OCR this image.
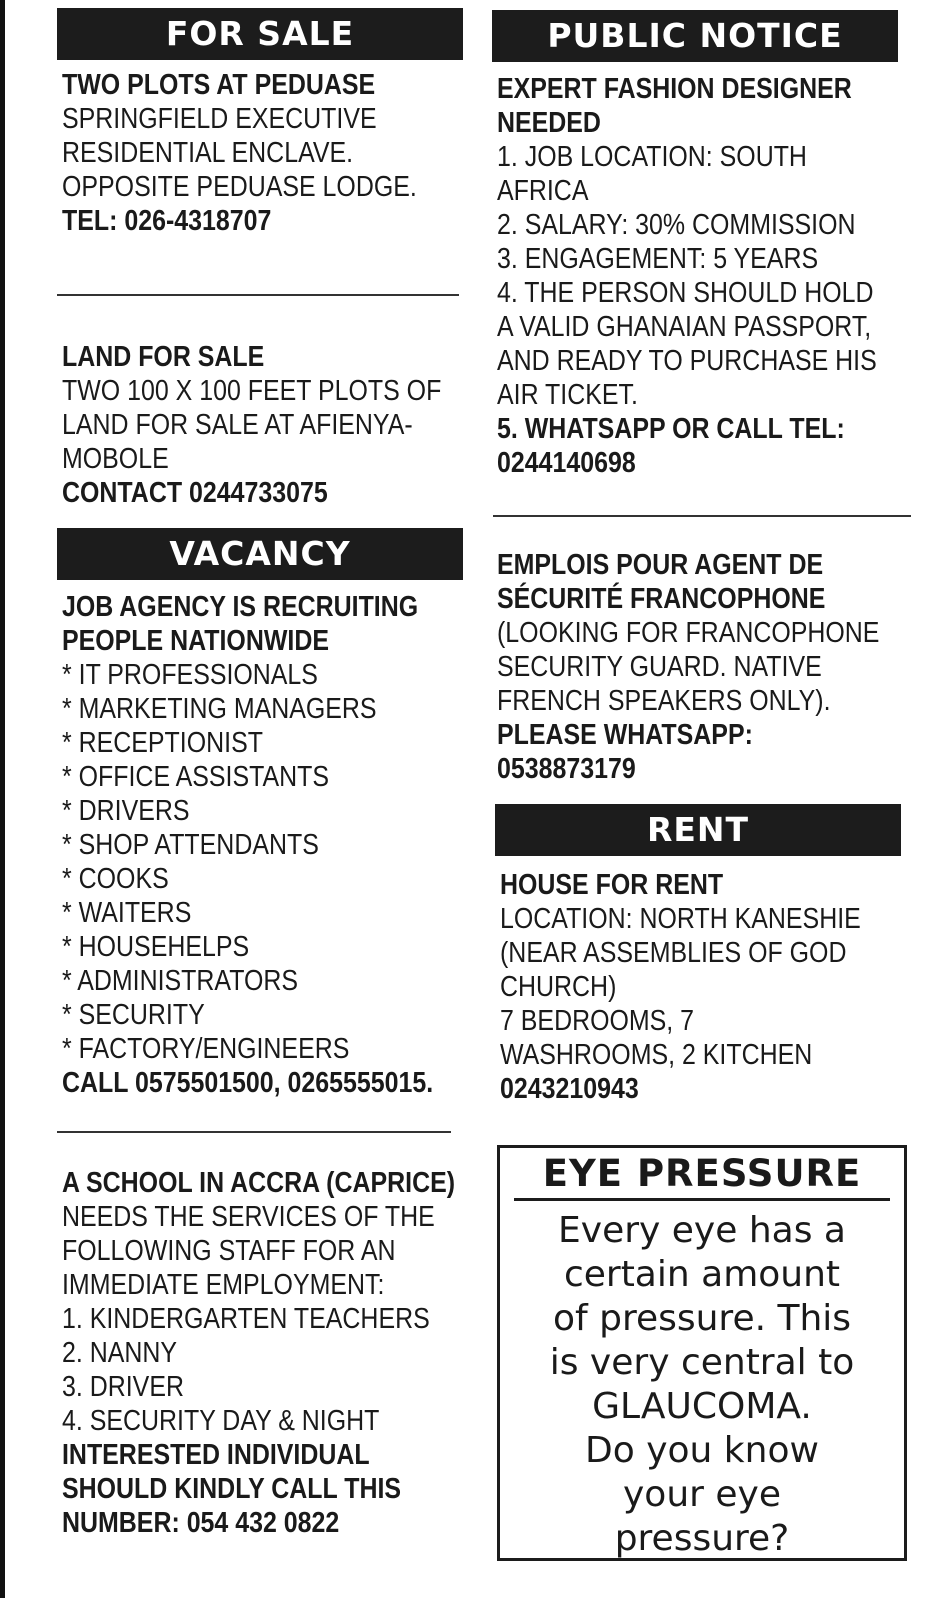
FOR SALE
TWO PLOTS AT PEDUASE
SPRINGFIELD EXECUTIVE
RESIDENTIAL ENCLAVE.
OPPOSITE PEDUASE LODGE.
TEL: 026-4318707
LAND FOR SALE
TWO 100 X 100 FEET PLOTS OF
LAND FOR SALE AT AFIENYA-
MOBOLE
CONTACT 0244733075
VACANCY
JOB AGENCY IS RECRUITING
PEOPLE NATIONWIDE
* IT PROFESSIONALS
* MARKETING MANAGERS
* RECEPTIONIST
* OFFICE ASSISTANTS
* DRIVERS
* SHOP ATTENDANTS
* COOKS
* WAITERS
* HOUSEHELPS
* ADMINISTRATORS
* SECURITY
* FACTORY/ENGINEERS
CALL 0575501500, 0265555015.
A SCHOOL IN ACCRA (CAPRICE)
NEEDS THE SERVICES OF THE
FOLLOWING STAFF FOR AN
IMMEDIATE EMPLOYMENT:
1. KINDERGARTEN TEACHERS
2. NANNY
3. DRIVER
4. SECURITY DAY & NIGHT
INTERESTED INDIVIDUAL
SHOULD KINDLY CALL THIS
NUMBER: 054 432 0822
PUBLIC NOTICE
EXPERT FASHION DESIGNER
NEEDED
1. JOB LOCATION: SOUTH
AFRICA
2. SALARY: 30% COMMISSION
3. ENGAGEMENT: 5 YEARS
4. THE PERSON SHOULD HOLD
A VALID GHANAIAN PASSPORT,
AND READY TO PURCHASE HIS
AIR TICKET.
5. WHATSAPP OR CALL TEL:
0244140698
EMPLOIS POUR AGENT DE
SÉCURITÉ FRANCOPHONE
(LOOKING FOR FRANCOPHONE
SECURITY GUARD. NATIVE
FRENCH SPEAKERS ONLY).
PLEASE WHATSAPP:
0538873179
RENT
HOUSE FOR RENT
LOCATION: NORTH KANESHIE
(NEAR ASSEMBLIES OF GOD
CHURCH)
7 BEDROOMS, 7
WASHROOMS, 2 KITCHEN
0243210943
EYE PRESSURE
Every eye has a
certain amount
of pressure. This
is very central to
GLAUCOMA.
Do you know
your eye
pressure?
